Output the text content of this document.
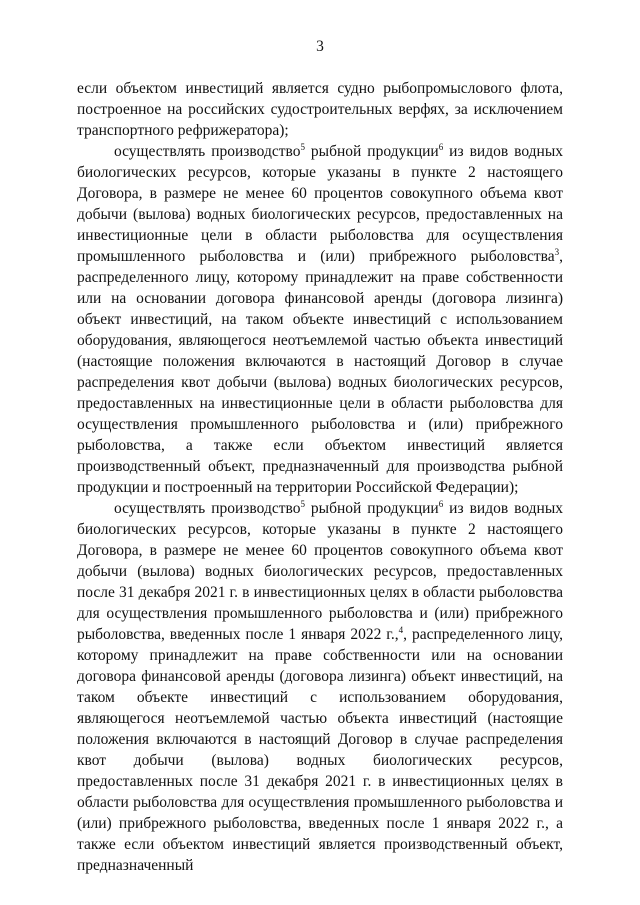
3

если объектом инвестиций является судно рыбопромыслового флота, построенное на российских судостроительных верфях, за исключением транспортного рефрижератора);

осуществлять производство$^5$ рыбной продукции$^6$ из видов водных биологических ресурсов, которые указаны в пункте 2 настоящего Договора, в размере не менее 60 процентов совокупного объема квот добычи (вылова) водных биологических ресурсов, предоставленных на инвестиционные цели в области рыболовства для осуществления промышленного рыболовства и (или) прибрежного рыболовства$^3$, распределенного лицу, которому принадлежит на праве собственности или на основании договора финансовой аренды (договора лизинга) объект инвестиций, на таком объекте инвестиций с использованием оборудования, являющегося неотъемлемой частью объекта инвестиций (настоящие положения включаются в настоящий Договор в случае распределения квот добычи (вылова) водных биологических ресурсов, предоставленных на инвестиционные цели в области рыболовства для осуществления промышленного рыболовства и (или) прибрежного рыболовства, а также если объектом инвестиций является производственный объект, предназначенный для производства рыбной продукции и построенный на территории Российской Федерации);

осуществлять производство$^5$ рыбной продукции$^6$ из видов водных биологических ресурсов, которые указаны в пункте 2 настоящего Договора, в размере не менее 60 процентов совокупного объема квот добычи (вылова) водных биологических ресурсов, предоставленных после 31 декабря 2021 г. в инвестиционных целях в области рыболовства для осуществления промышленного рыболовства и (или) прибрежного рыболовства, введенных после 1 января 2022 г.,$^4$, распределенного лицу, которому принадлежит на праве собственности или на основании договора финансовой аренды (договора лизинга) объект инвестиций, на таком объекте инвестиций с использованием оборудования, являющегося неотъемлемой частью объекта инвестиций (настоящие положения включаются в настоящий Договор в случае распределения квот добычи (вылова) водных биологических ресурсов, предоставленных после 31 декабря 2021 г. в инвестиционных целях в области рыболовства для осуществления промышленного рыболовства и (или) прибрежного рыболовства, введенных после 1 января 2022 г., а также если объектом инвестиций является производственный объект, предназначенный
